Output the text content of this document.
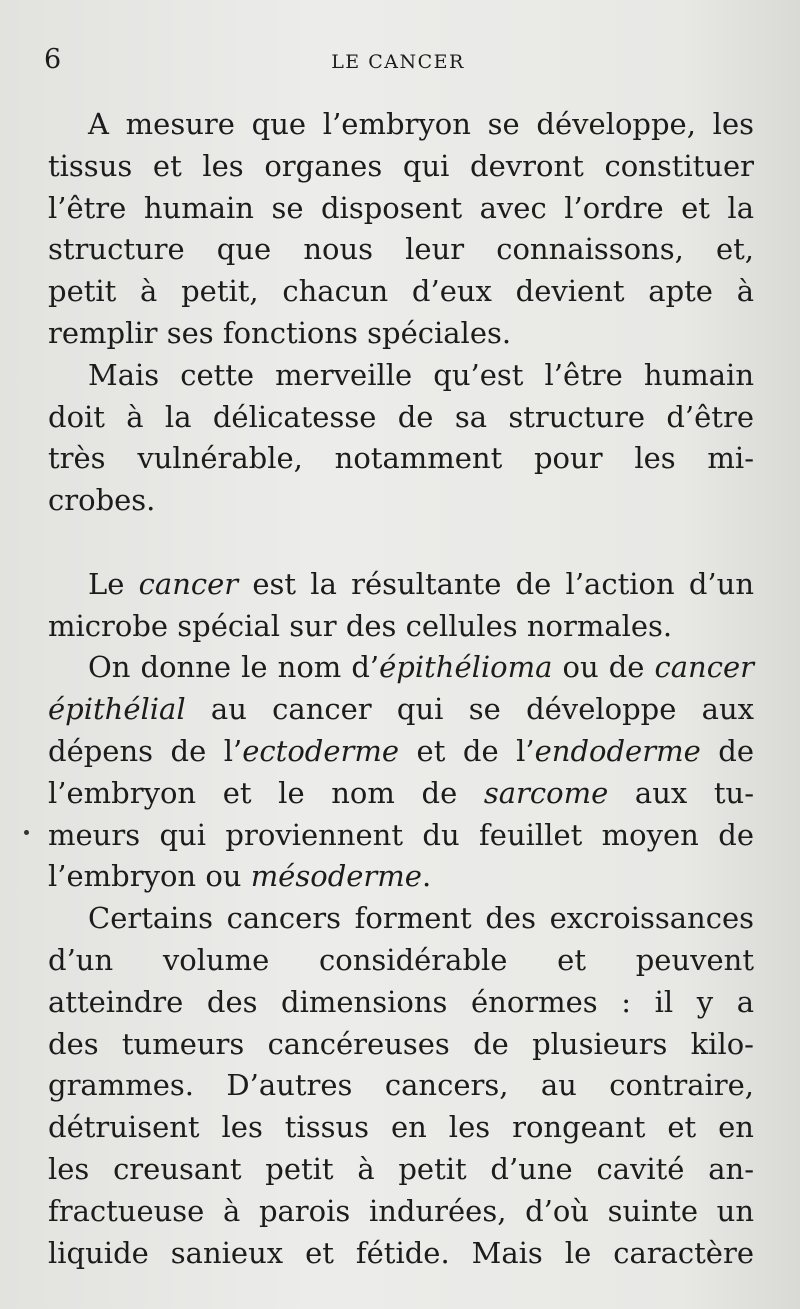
6	LE CANCER
A mesure que l’embryon se développe, les
tissus et les organes qui devront constituer
l’être humain se disposent avec l’ordre et la
structure que nous leur connaissons, et,
petit à petit, chacun d’eux devient apte à
remplir ses fonctions spéciales.
Mais cette merveille qu’est l’être humain
doit à la délicatesse de sa structure d’être
très vulnérable, notamment pour les mi-
crobes.
Le cancer est la résultante de l’action d’un
microbe spécial sur des cellules normales.
On donne le nom d’épithélioma ou de cancer
épithélial au cancer qui se développe aux
dépens de l’ectoderme et de l’endoderme de
l’embryon et le nom de sarcome aux tu-
meurs qui proviennent du feuillet moyen de
l’embryon ou mésoderme.
Certains cancers forment des excroissances
d’un volume considérable et peuvent
atteindre des dimensions énormes : il y a
des tumeurs cancéreuses de plusieurs kilo-
grammes. D’autres cancers, au contraire,
détruisent les tissus en les rongeant et en
les creusant petit à petit d’une cavité an-
fractueuse à parois indurées, d’où suinte un
liquide sanieux et fétide. Mais le caractère
